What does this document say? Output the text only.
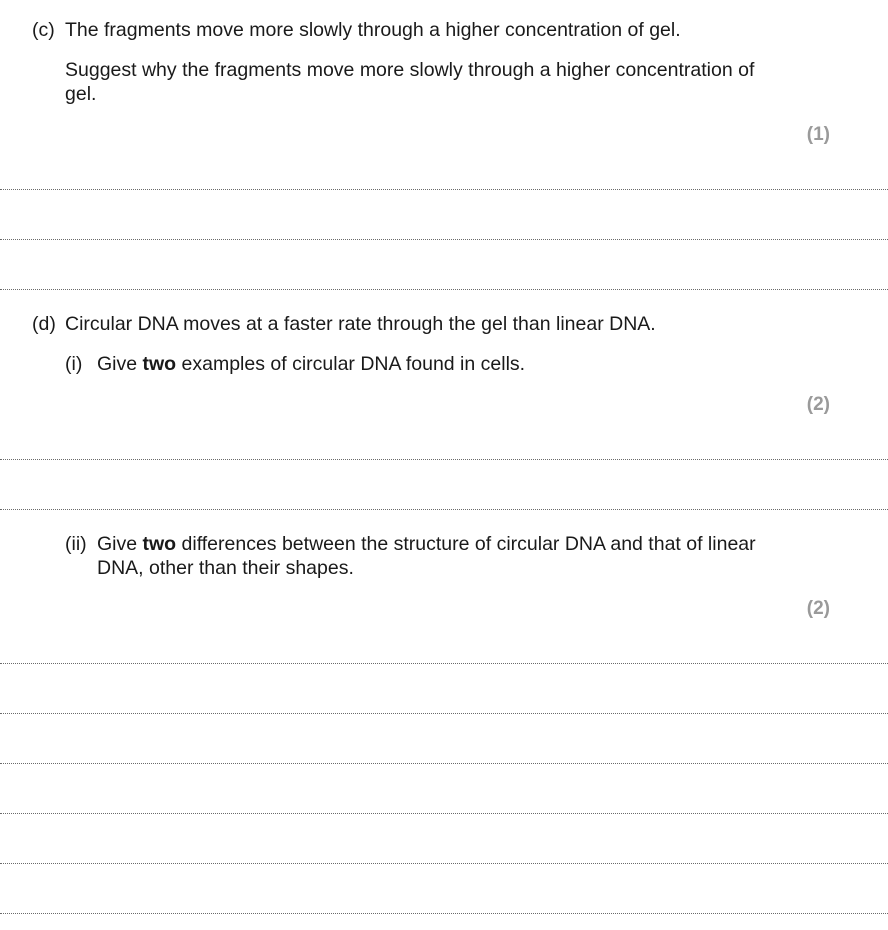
(c) The fragments move more slowly through a higher concentration of gel.
Suggest why the fragments move more slowly through a higher concentration of
gel.
(1)
(d) Circular DNA moves at a faster rate through the gel than linear DNA.
(i) Give two examples of circular DNA found in cells.
(2)
(ii) Give two differences between the structure of circular DNA and that of linear
DNA, other than their shapes.
(2)
